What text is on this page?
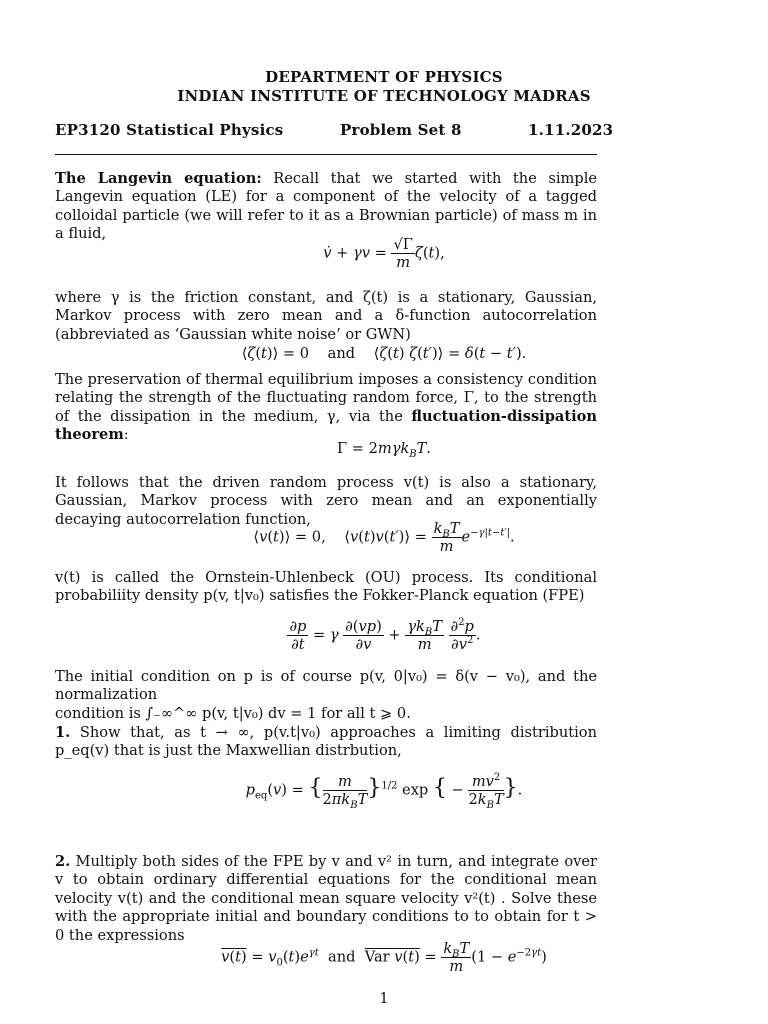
DEPARTMENT OF PHYSICS
INDIAN INSTITUTE OF TECHNOLOGY MADRAS
EP3120 Statistical Physics	Problem Set 8	1.11.2023

The Langevin equation: Recall that we started with the simple Langevin equation (LE) for a component of the velocity of a tagged colloidal particle (we will refer to it as a Brownian particle) of mass m in a fluid,

v̇ + $\gamma v = \frac{√\Gamma}{m} \zeta(t)$,

where γ is the friction constant, and ζ(t) is a stationary, Gaussian, Markov process with zero mean and a δ-function autocorrelation (abbreviated as ‘Gaussian white noise’ or GWN)

⟨ζ(t)⟩ = 0    and    ⟨ζ(t) ζ(t′)⟩ = δ(t − t′).

The preservation of thermal equilibrium imposes a consistency condition relating the strength of the fluctuating random force, Γ, to the strength of the dissipation in the medium, γ, via the fluctuation-dissipation theorem:

Γ = 2mγk$_B$T.

It follows that the driven random process v(t) is also a stationary, Gaussian, Markov process with zero mean and an exponentially decaying autocorrelation function,

⟨v(t)⟩ = 0,    ⟨v(t)v(t′)⟩ = $\frac{k_BT}{m} e^{-\gamma|t-t'|}$.

v(t) is called the Ornstein-Uhlenbeck (OU) process. Its conditional probabiliity density p(v, t|v₀) satisfies the Fokker-Planck equation (FPE)

$\frac{\partial p}{\partial t} = \gamma \frac{\partial(vp)}{\partial v} + \frac{\gamma k_BT}{m}$
$\frac{\partial^2p}{\partial v^2}$ .

The initial condition on p is of course p(v, 0|v₀) = δ(v − v₀), and the normalization

condition is ∫₋∞^∞ p(v, t|v₀) dv = 1 for all t ⩾ 0.

1. Show that, as t → ∞, p(v.t|v₀) approaches a limiting distribution p_eq(v) that is just the Maxwellian distrbution,

$p_{eq}(v)$ = { $\frac{m}{2\pi k_BT} \}^{1/2}$ exp { − $\frac{mv^2}{2k_BT}$ }.

2. Multiply both sides of the FPE by v and v² in turn, and integrate over v to obtain ordinary differential equations for the conditional mean velocity v(t) and the conditional mean square velocity v²(t) . Solve these with the appropriate initial and boundary conditions to to obtain for t > 0 the expressions

$v(t) = v_0(t)e^{\gamma t}$  and  Var $v(t) = \frac{k_BT}{m} (1 - e^{-2\gamma t})$
1
